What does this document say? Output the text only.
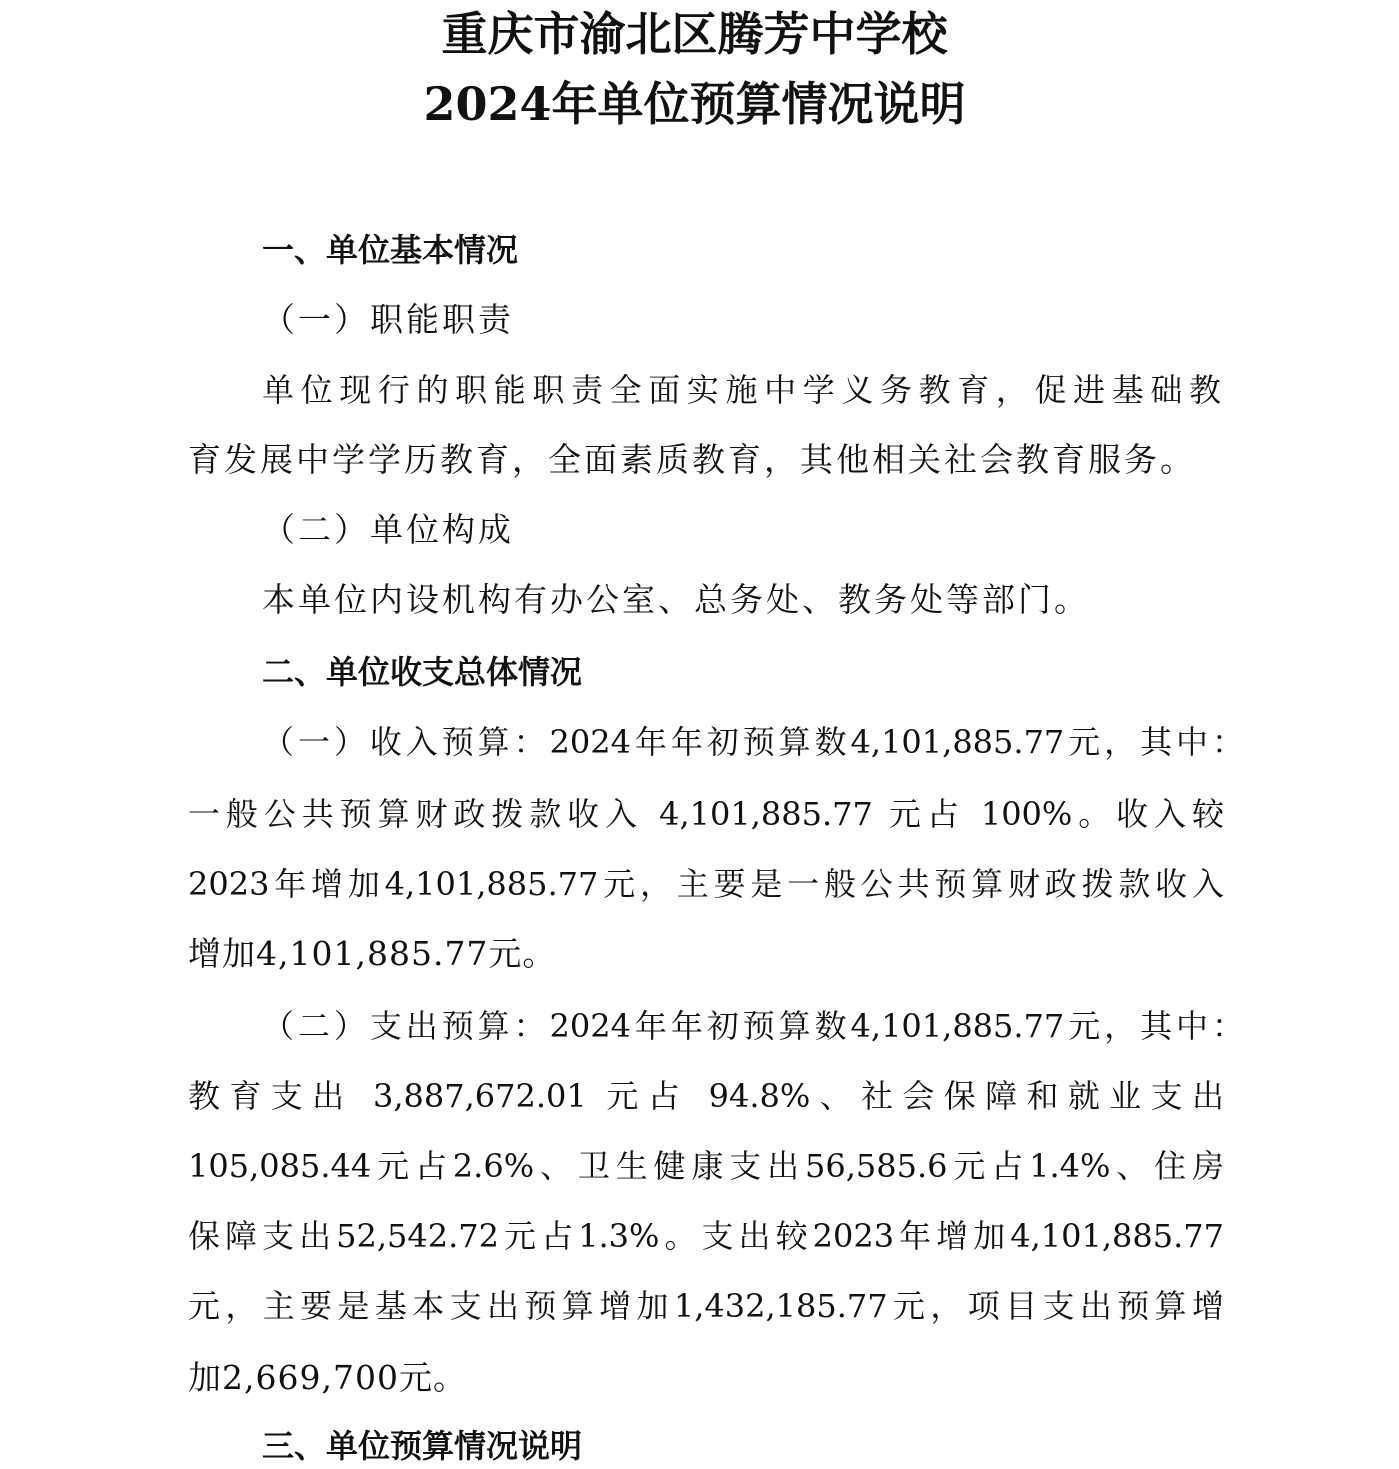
重庆市渝北区腾芳中学校
2024年单位预算情况说明

一、单位基本情况

（一）职能职责

单位现行的职能职责全面实施中学义务教育，促进基础教

育发展中学学历教育，全面素质教育，其他相关社会教育服务。

（二）单位构成

本单位内设机构有办公室、总务处、教务处等部门。

二、单位收支总体情况

（一）收入预算：2024年年初预算数4,101,885.77元，其中：

一般公共预算财政拨款收入 4,101,885.77 元占 100%。收入较

2023年增加4,101,885.77元，主要是一般公共预算财政拨款收入

增加4,101,885.77元。

（二）支出预算：2024年年初预算数4,101,885.77元，其中：

教育支出 3,887,672.01 元占 94.8%、社会保障和就业支出

105,085.44元占2.6%、卫生健康支出56,585.6元占1.4%、住房

保障支出52,542.72元占1.3%。支出较2023年增加4,101,885.77

元，主要是基本支出预算增加1,432,185.77元，项目支出预算增

加2,669,700元。

三、单位预算情况说明
